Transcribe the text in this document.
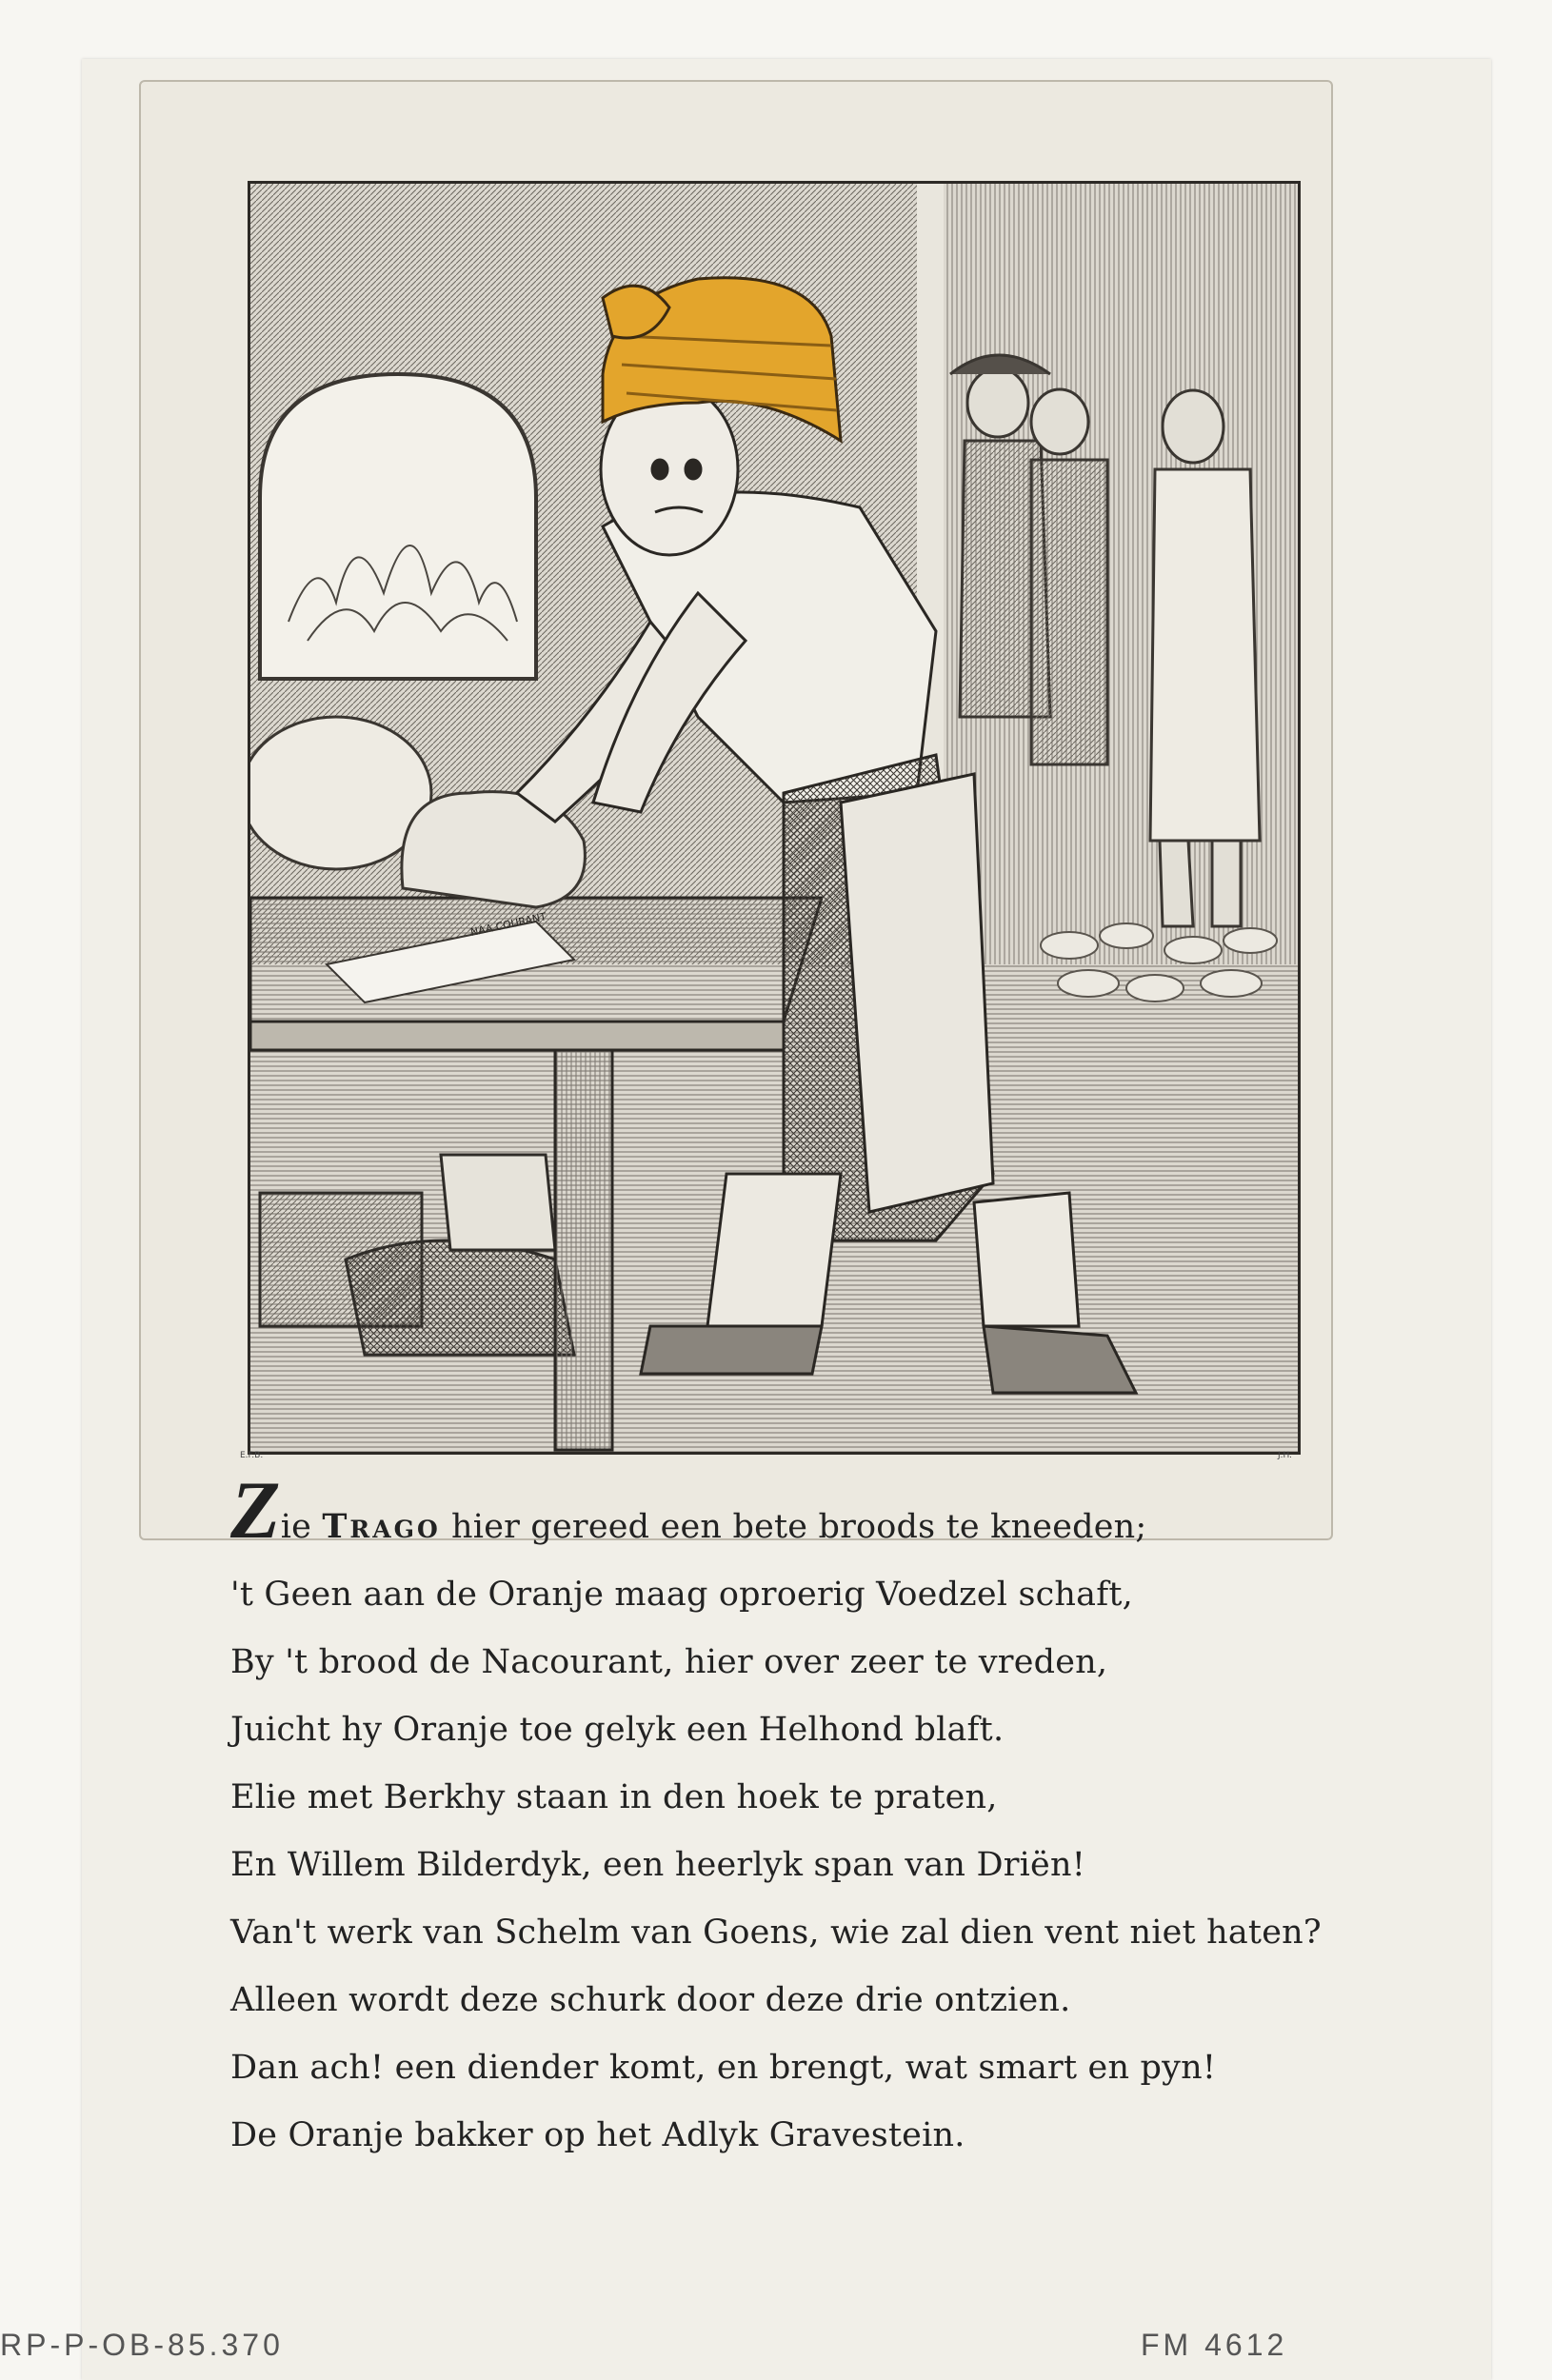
NAA COURANT
E.F.B.	J.H.
Zie Trago hier gereed een bete broods te kneeden;
't Geen aan de Oranje maag oproerig Voedzel schaft,
By 't brood de Nacourant, hier over zeer te vreden,
Juicht hy Oranje toe gelyk een Helhond blaft.
Elie met Berkhy staan in den hoek te praten,
En Willem Bilderdyk, een heerlyk span van Driën!
Van't werk van Schelm van Goens, wie zal dien vent niet haten?
Alleen wordt deze schurk door deze drie ontzien.
Dan ach! een diender komt, en brengt, wat smart en pyn!
De Oranje bakker op het Adlyk Gravestein.
RP-P-OB-85.370	FM 4612
